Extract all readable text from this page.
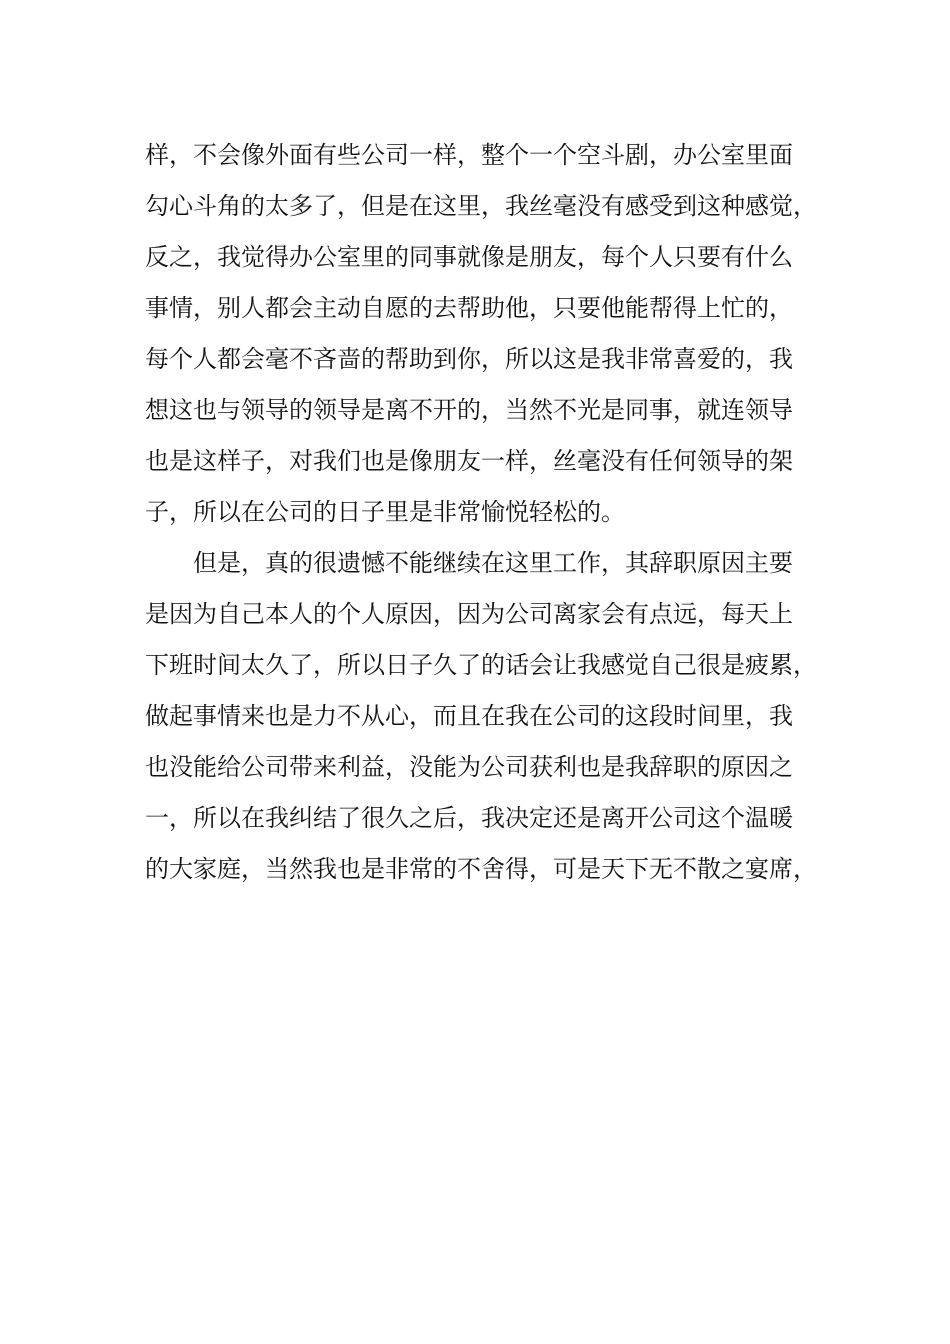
样，不会像外面有些公司一样，整个一个空斗剧，办公室里面
勾心斗角的太多了，但是在这里，我丝毫没有感受到这种感觉，
反之，我觉得办公室里的同事就像是朋友，每个人只要有什么
事情，别人都会主动自愿的去帮助他，只要他能帮得上忙的，
每个人都会毫不吝啬的帮助到你，所以这是我非常喜爱的，我
想这也与领导的领导是离不开的，当然不光是同事，就连领导
也是这样子，对我们也是像朋友一样，丝毫没有任何领导的架
子，所以在公司的日子里是非常愉悦轻松的。
但是，真的很遗憾不能继续在这里工作，其辞职原因主要
是因为自己本人的个人原因，因为公司离家会有点远，每天上
下班时间太久了，所以日子久了的话会让我感觉自己很是疲累，
做起事情来也是力不从心，而且在我在公司的这段时间里，我
也没能给公司带来利益，没能为公司获利也是我辞职的原因之
一，所以在我纠结了很久之后，我决定还是离开公司这个温暖
的大家庭，当然我也是非常的不舍得，可是天下无不散之宴席，
